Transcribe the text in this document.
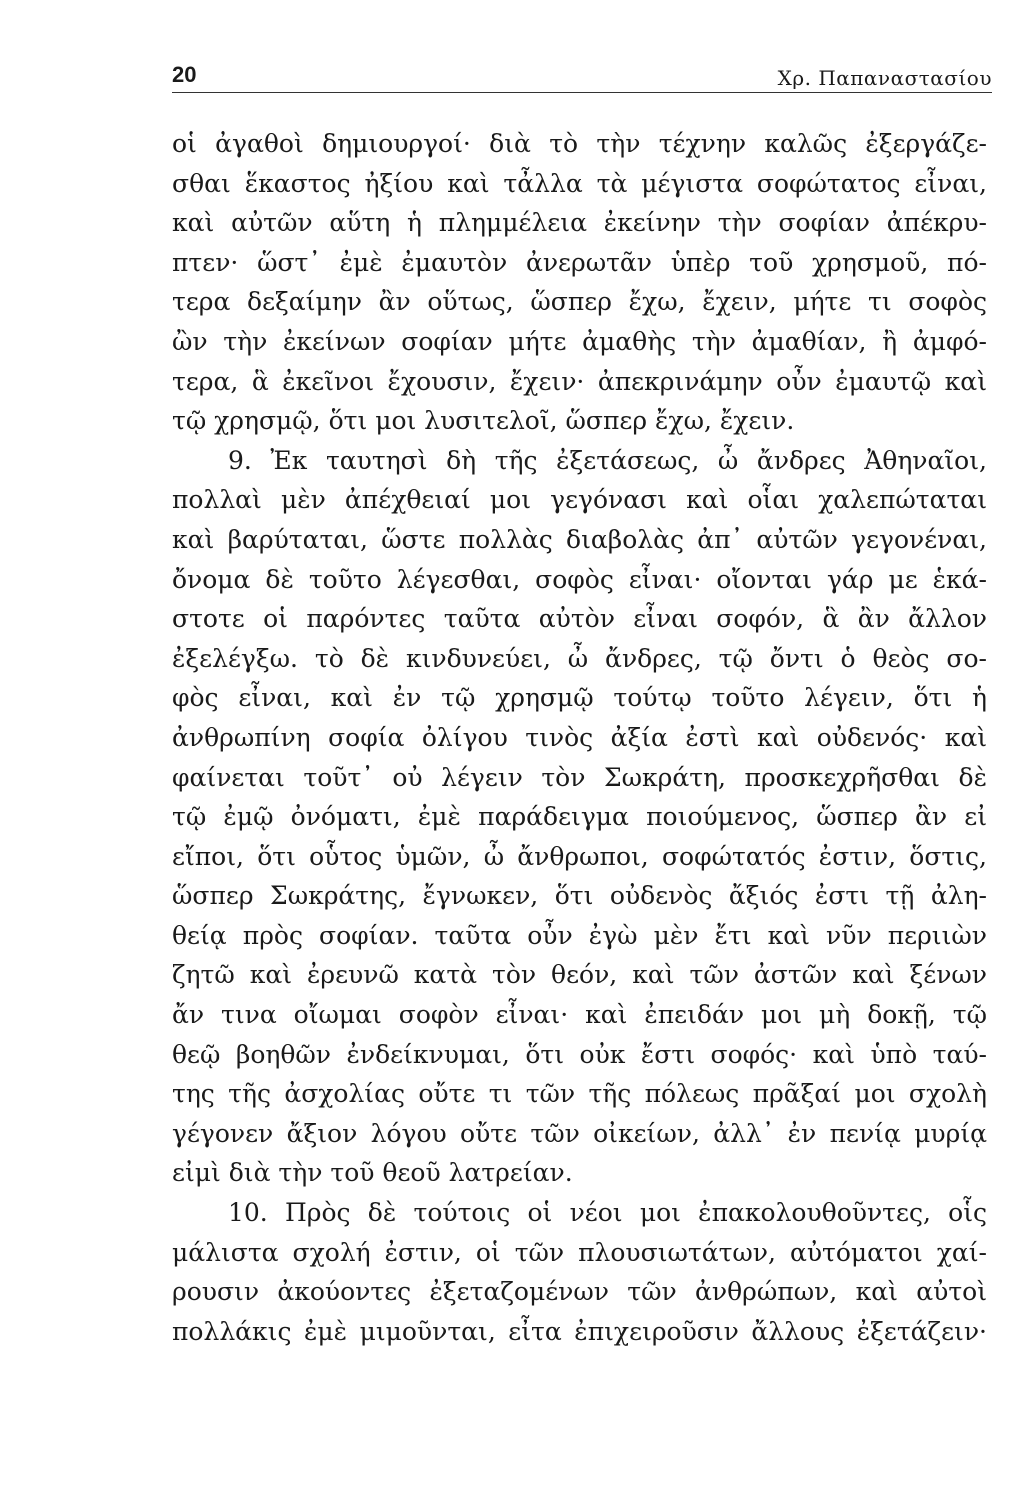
20	Χρ. Παπαναστασίου
οἱ ἀγαθοὶ δημιουργοί· διὰ τὸ τὴν τέχνην καλῶς ἐξεργάζε-
σθαι ἕκαστος ἠξίου καὶ τἆλλα τὰ μέγιστα σοφώτατος εἶναι,
καὶ αὐτῶν αὕτη ἡ πλημμέλεια ἐκείνην τὴν σοφίαν ἀπέκρυ-
πτεν· ὥστ᾽ ἐμὲ ἐμαυτὸν ἀνερωτᾶν ὑπὲρ τοῦ χρησμοῦ, πό-
τερα δεξαίμην ἂν οὕτως, ὥσπερ ἔχω, ἔχειν, μήτε τι σοφὸς
ὢν τὴν ἐκείνων σοφίαν μήτε ἀμαθὴς τὴν ἀμαθίαν, ἢ ἀμφό-
τερα, ἃ ἐκεῖνοι ἔχουσιν, ἔχειν· ἀπεκρινάμην οὖν ἐμαυτῷ καὶ
τῷ χρησμῷ, ὅτι μοι λυσιτελοῖ, ὥσπερ ἔχω, ἔχειν.
9. Ἐκ ταυτησὶ δὴ τῆς ἐξετάσεως, ὦ ἄνδρες Ἀθηναῖοι,
πολλαὶ μὲν ἀπέχθειαί μοι γεγόνασι καὶ οἷαι χαλεπώταται
καὶ βαρύταται, ὥστε πολλὰς διαβολὰς ἀπ᾽ αὐτῶν γεγονέναι,
ὄνομα δὲ τοῦτο λέγεσθαι, σοφὸς εἶναι· οἴονται γάρ με ἑκά-
στοτε οἱ παρόντες ταῦτα αὐτὸν εἶναι σοφόν, ἃ ἂν ἄλλον
ἐξελέγξω. τὸ δὲ κινδυνεύει, ὦ ἄνδρες, τῷ ὄντι ὁ θεὸς σο-
φὸς εἶναι, καὶ ἐν τῷ χρησμῷ τούτῳ τοῦτο λέγειν, ὅτι ἡ
ἀνθρωπίνη σοφία ὀλίγου τινὸς ἀξία ἐστὶ καὶ οὐδενός· καὶ
φαίνεται τοῦτ᾽ οὐ λέγειν τὸν Σωκράτη, προσκεχρῆσθαι δὲ
τῷ ἐμῷ ὀνόματι, ἐμὲ παράδειγμα ποιούμενος, ὥσπερ ἂν εἰ
εἴποι, ὅτι οὗτος ὑμῶν, ὦ ἄνθρωποι, σοφώτατός ἐστιν, ὅστις,
ὥσπερ Σωκράτης, ἔγνωκεν, ὅτι οὐδενὸς ἄξιός ἐστι τῇ ἀλη-
θείᾳ πρὸς σοφίαν. ταῦτα οὖν ἐγὼ μὲν ἔτι καὶ νῦν περιιὼν
ζητῶ καὶ ἐρευνῶ κατὰ τὸν θεόν, καὶ τῶν ἀστῶν καὶ ξένων
ἄν τινα οἴωμαι σοφὸν εἶναι· καὶ ἐπειδάν μοι μὴ δοκῇ, τῷ
θεῷ βοηθῶν ἐνδείκνυμαι, ὅτι οὐκ ἔστι σοφός· καὶ ὑπὸ ταύ-
της τῆς ἀσχολίας οὔτε τι τῶν τῆς πόλεως πρᾶξαί μοι σχολὴ
γέγονεν ἄξιον λόγου οὔτε τῶν οἰκείων, ἀλλ᾽ ἐν πενίᾳ μυρίᾳ
εἰμὶ διὰ τὴν τοῦ θεοῦ λατρείαν.
10. Πρὸς δὲ τούτοις οἱ νέοι μοι ἐπακολουθοῦντες, οἷς
μάλιστα σχολή ἐστιν, οἱ τῶν πλουσιωτάτων, αὐτόματοι χαί-
ρουσιν ἀκούοντες ἐξεταζομένων τῶν ἀνθρώπων, καὶ αὐτοὶ
πολλάκις ἐμὲ μιμοῦνται, εἶτα ἐπιχειροῦσιν ἄλλους ἐξετάζειν·
